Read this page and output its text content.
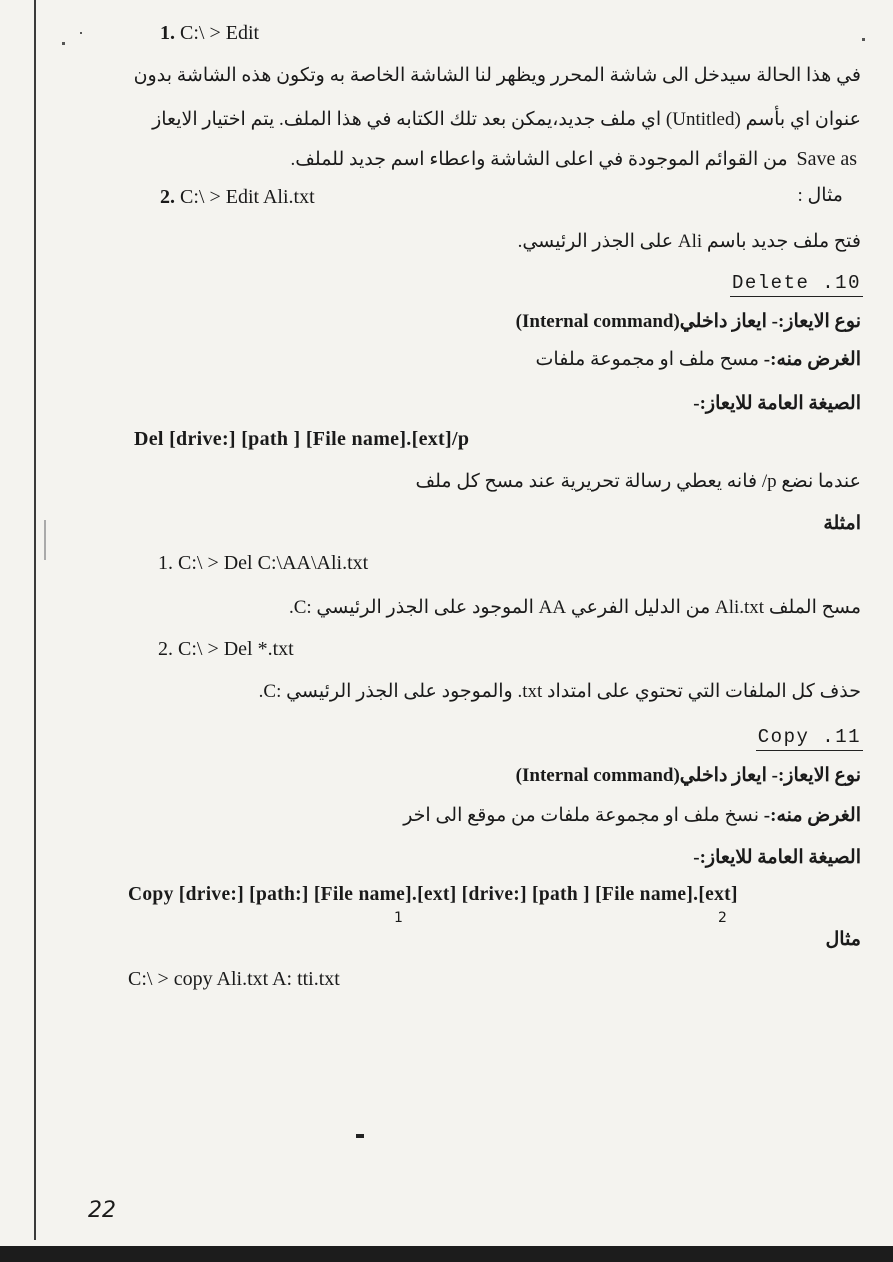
1. C:\ > Edit
في هذا الحالة سيدخل الى شاشة المحرر ويظهر لنا الشاشة الخاصة به وتكون هذه الشاشة بدون
عنوان اي بأسم (Untitled) اي ملف جديد،يمكن بعد تلك الكتابه في هذا الملف. يتم اختيار الايعاز
Save as من القوائم الموجودة في اعلى الشاشة واعطاء اسم جديد للملف.
2. C:\ > Edit Ali.txt	مثال :
فتح ملف جديد باسم Ali على الجذر الرئيسي.
Delete .10
نوع الايعاز:- ايعاز داخلي(Internal command)
الغرض منه:- مسح ملف او مجموعة ملفات
الصيغة العامة للايعاز:-
Del [drive:] [path ] [File name].[ext]/p
عندما نضع p/ فانه يعطي رسالة تحريرية عند مسح كل ملف
امثلة
1. C:\ > Del C:\AA\Ali.txt
مسح الملف Ali.txt من الدليل الفرعي AA الموجود على الجذر الرئيسي :C.
2. C:\ > Del *.txt
حذف كل الملفات التي تحتوي على امتداد txt. والموجود على الجذر الرئيسي :C.
Copy .11
نوع الايعاز:- ايعاز داخلي(Internal command)
الغرض منه:- نسخ ملف او مجموعة ملفات من موقع الى اخر
الصيغة العامة للايعاز:-
Copy [drive:] [path:] [File name].[ext] [drive:] [path ] [File name].[ext]
1	2
مثال
C:\ > copy Ali.txt A: tti.txt
22
